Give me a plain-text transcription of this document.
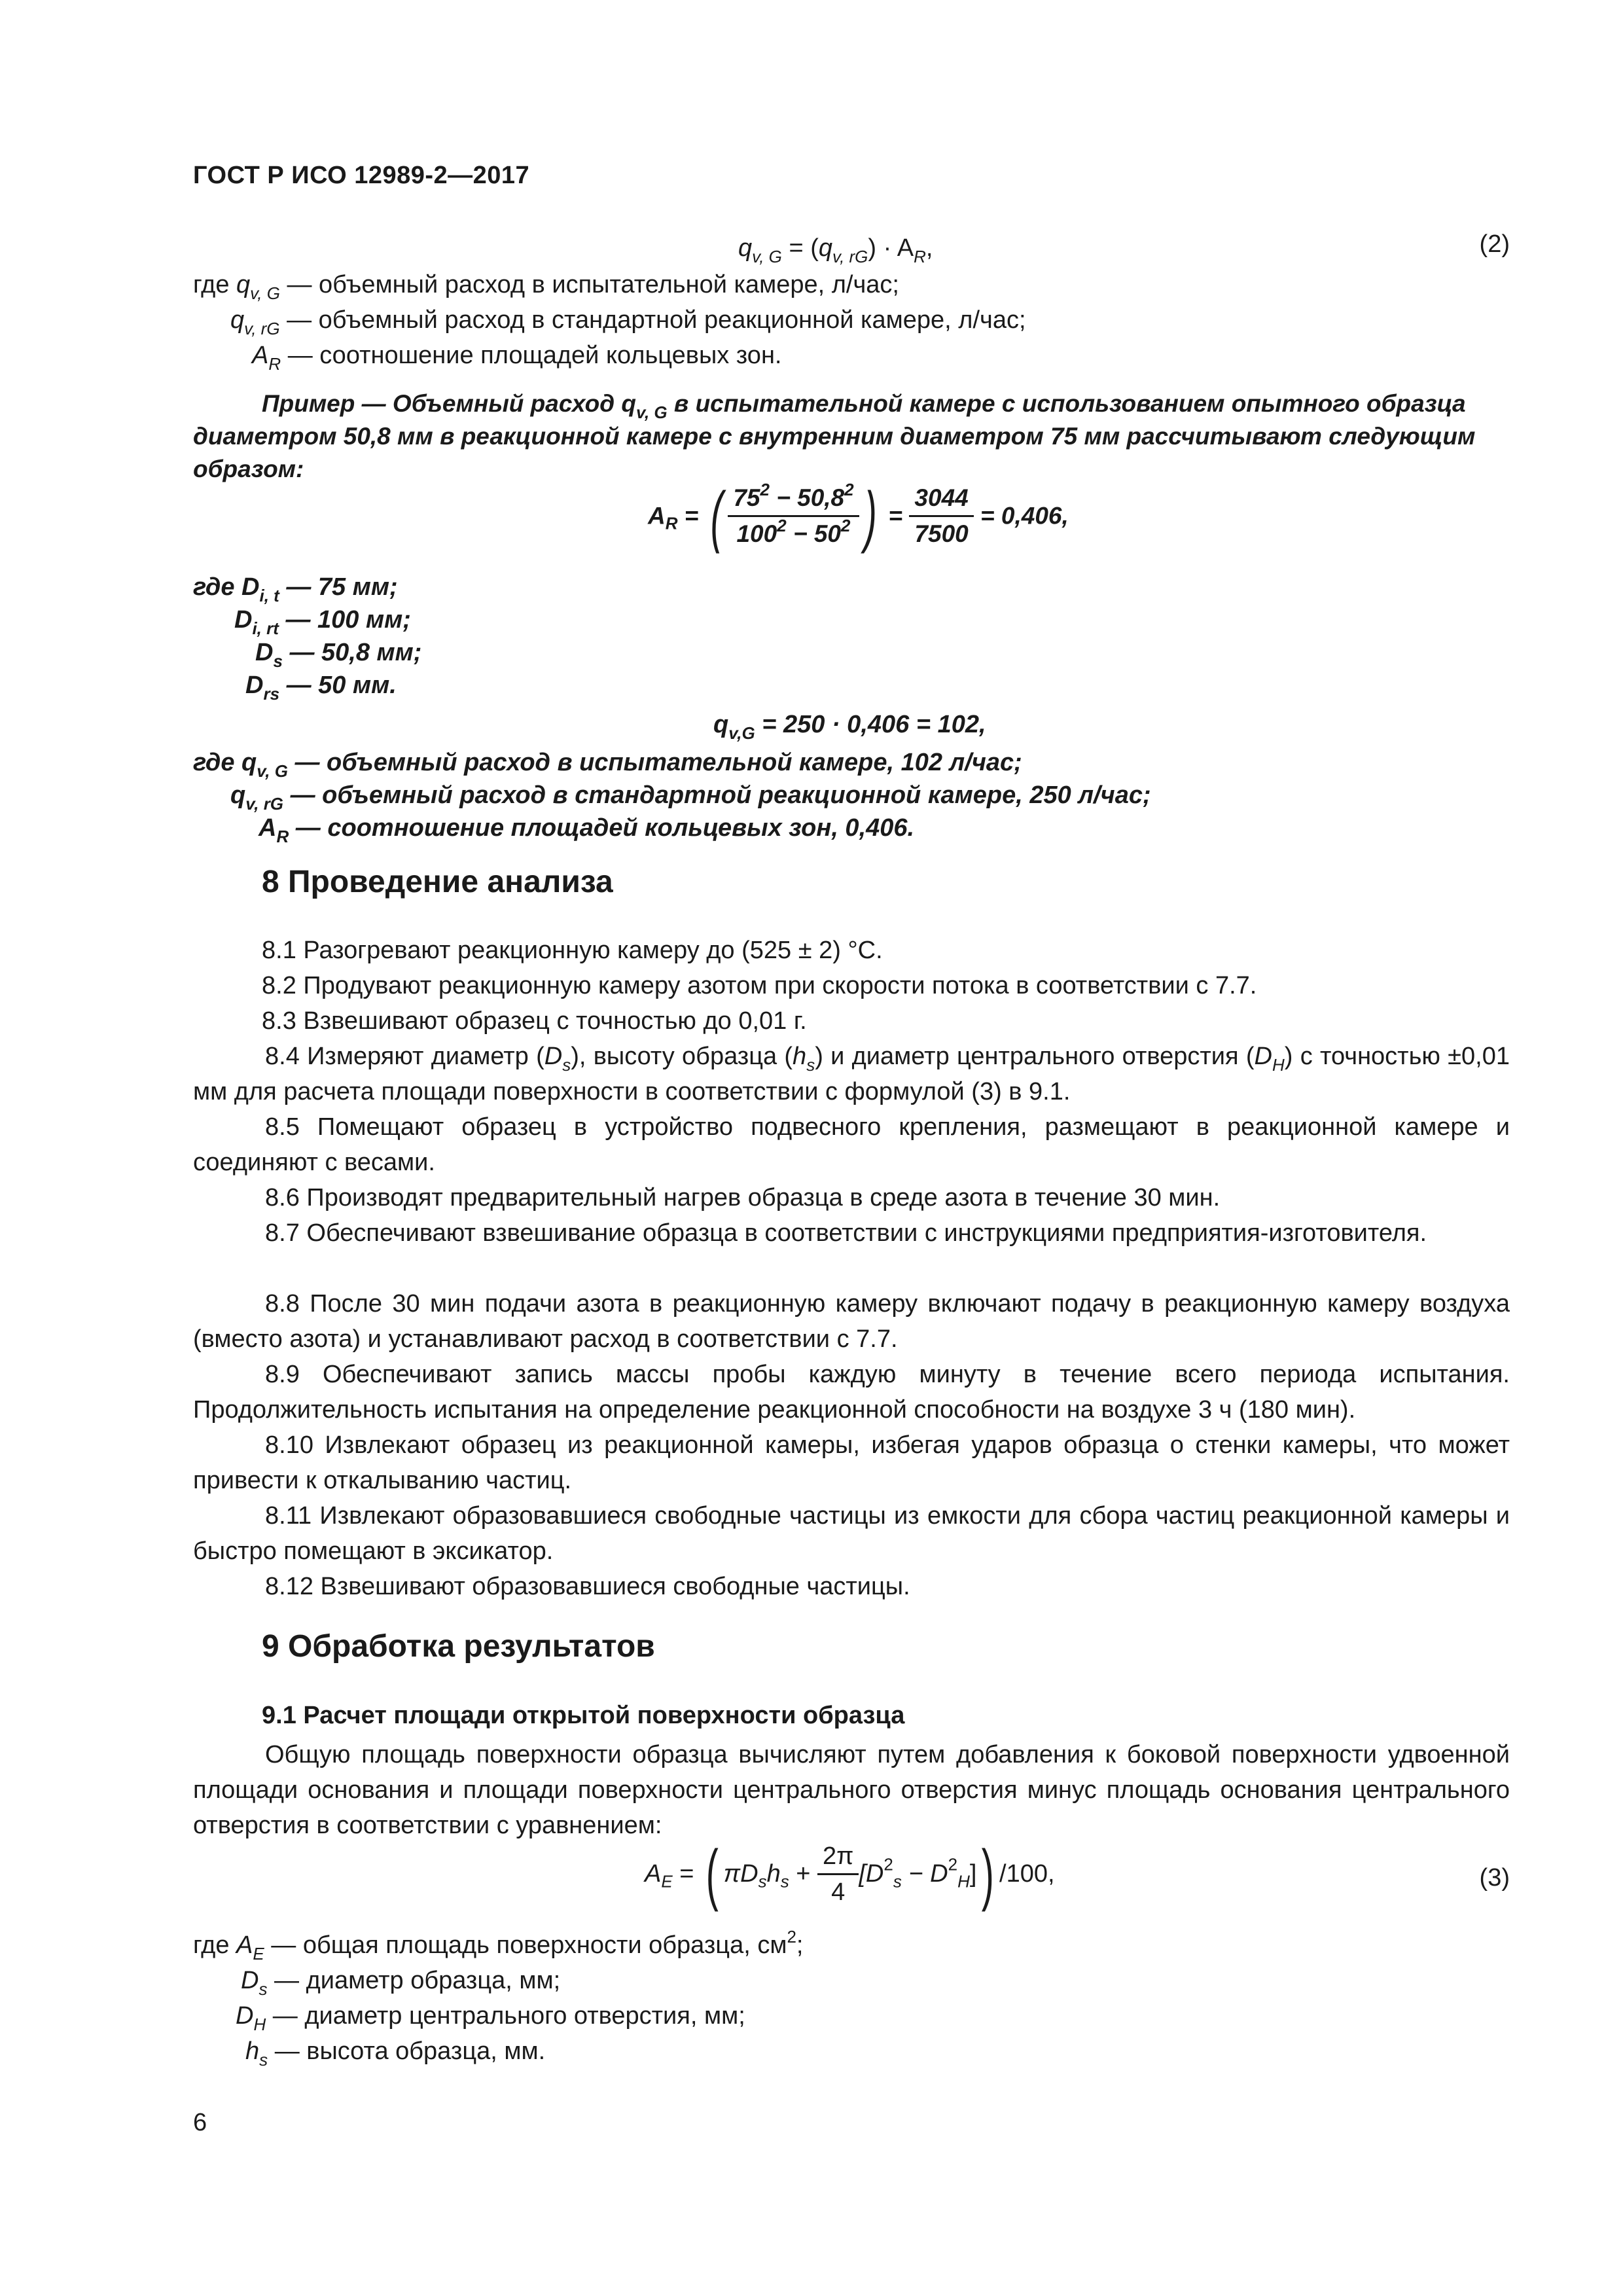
ГОСТ Р ИСО 12989-2—2017
$q_{v, G} = (q_{v, rG}) \cdot A_R$,	(2)
где $q_{v, G}$ — объемный расход в испытательной камере, л/час;
$q_{v, rG}$ — объемный расход в стандартной реакционной камере, л/час;
$A_R$ — соотношение площадей кольцевых зон.
Пример — Объемный расход $q_{v, G}$ в испытательной камере с использованием опытного образца
диаметром 50,8 мм в реакционной камере с внутренним диаметром 75 мм рассчитывают следующим
образом:
$A_R$ = ( $\frac{75^2 - 50,8^2}{100^2 - 50^2}$ ) = $\frac{3044}{7500} = 0,406$,
где $D_{i, t}$ — 75 мм;
$D_{i, rt}$ — 100 мм;
$D_s$ — 50,8 мм;
$D_{rs}$ — 50 мм.
$q_{v,G} = 250 \cdot 0,406 = 102$,
где $q_{v, G}$ — объемный расход в испытательной камере, 102 л/час;
$q_{v, rG}$ — объемный расход в стандартной реакционной камере, 250 л/час;
$A_R$ — соотношение площадей кольцевых зон, 0,406.
8 Проведение анализа
8.1 Разогревают реакционную камеру до (525 ± 2) °С.
8.2 Продувают реакционную камеру азотом при скорости потока в соответствии с 7.7.
8.3 Взвешивают образец с точностью до 0,01 г.
8.4 Измеряют диаметр $(D_s)$, высоту образца $(h_s)$ и диаметр центрального отверстия $(D_H)$ с точностью ±0,01 мм для расчета площади поверхности в соответствии с формулой (3) в 9.1.
8.5 Помещают образец в устройство подвесного крепления, размещают в реакционной камере и соединяют с весами.
8.6 Производят предварительный нагрев образца в среде азота в течение 30 мин.
8.7 Обеспечивают взвешивание образца в соответствии с инструкциями предприятия-изготовителя.
8.8 После 30 мин подачи азота в реакционную камеру включают подачу в реакционную камеру воздуха (вместо азота) и устанавливают расход в соответствии с 7.7.
8.9 Обеспечивают запись массы пробы каждую минуту в течение всего периода испытания. Продолжительность испытания на определение реакционной способности на воздухе 3 ч (180 мин).
8.10 Извлекают образец из реакционной камеры, избегая ударов образца о стенки камеры, что может привести к откалыванию частиц.
8.11 Извлекают образовавшиеся свободные частицы из емкости для сбора частиц реакционной камеры и быстро помещают в эксикатор.
8.12 Взвешивают образовавшиеся свободные частицы.
9 Обработка результатов
9.1 Расчет площади открытой поверхности образца
Общую площадь поверхности образца вычисляют путем добавления к боковой поверхности удвоенной площади основания и площади поверхности центрального отверстия минус площадь основания центрального отверстия в соответствии с уравнением:
$A_E$ = ( $\pi D_sh_s + \frac{2\pi}{4} [D^2_s - D^2_H]$) /100,	(3)
где $A_E$ — общая площадь поверхности образца, $см^2$;
$D_s$ — диаметр образца, мм;
$D_H$ — диаметр центрального отверстия, мм;
$h_s$ — высота образца, мм.
6
